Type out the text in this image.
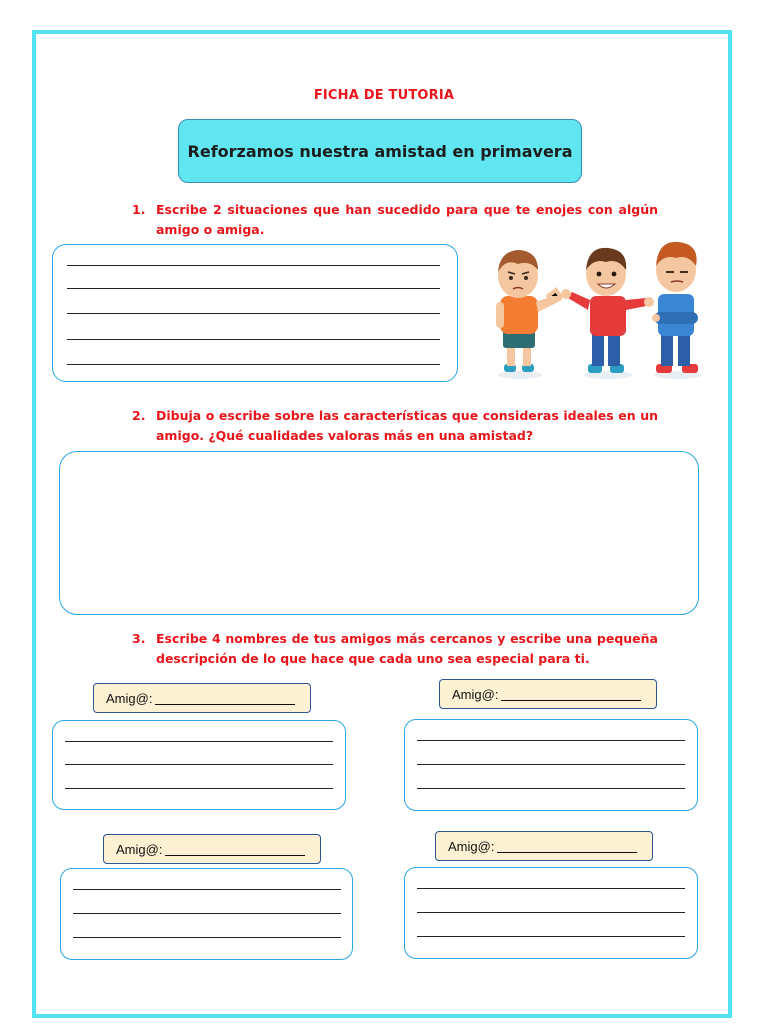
FICHA DE TUTORIA
Reforzamos nuestra amistad en primavera
1. Escribe 2 situaciones que han sucedido para que te enojes con algún amigo o amiga.
2. Dibuja o escribe sobre las características que consideras ideales en un amigo. ¿Qué cualidades valoras más en una amistad?
3. Escribe 4 nombres de tus amigos más cercanos y escribe una pequeña descripción de lo que hace que cada uno sea especial para ti.
Amig@:	Amig@:
Amig@:	Amig@:
